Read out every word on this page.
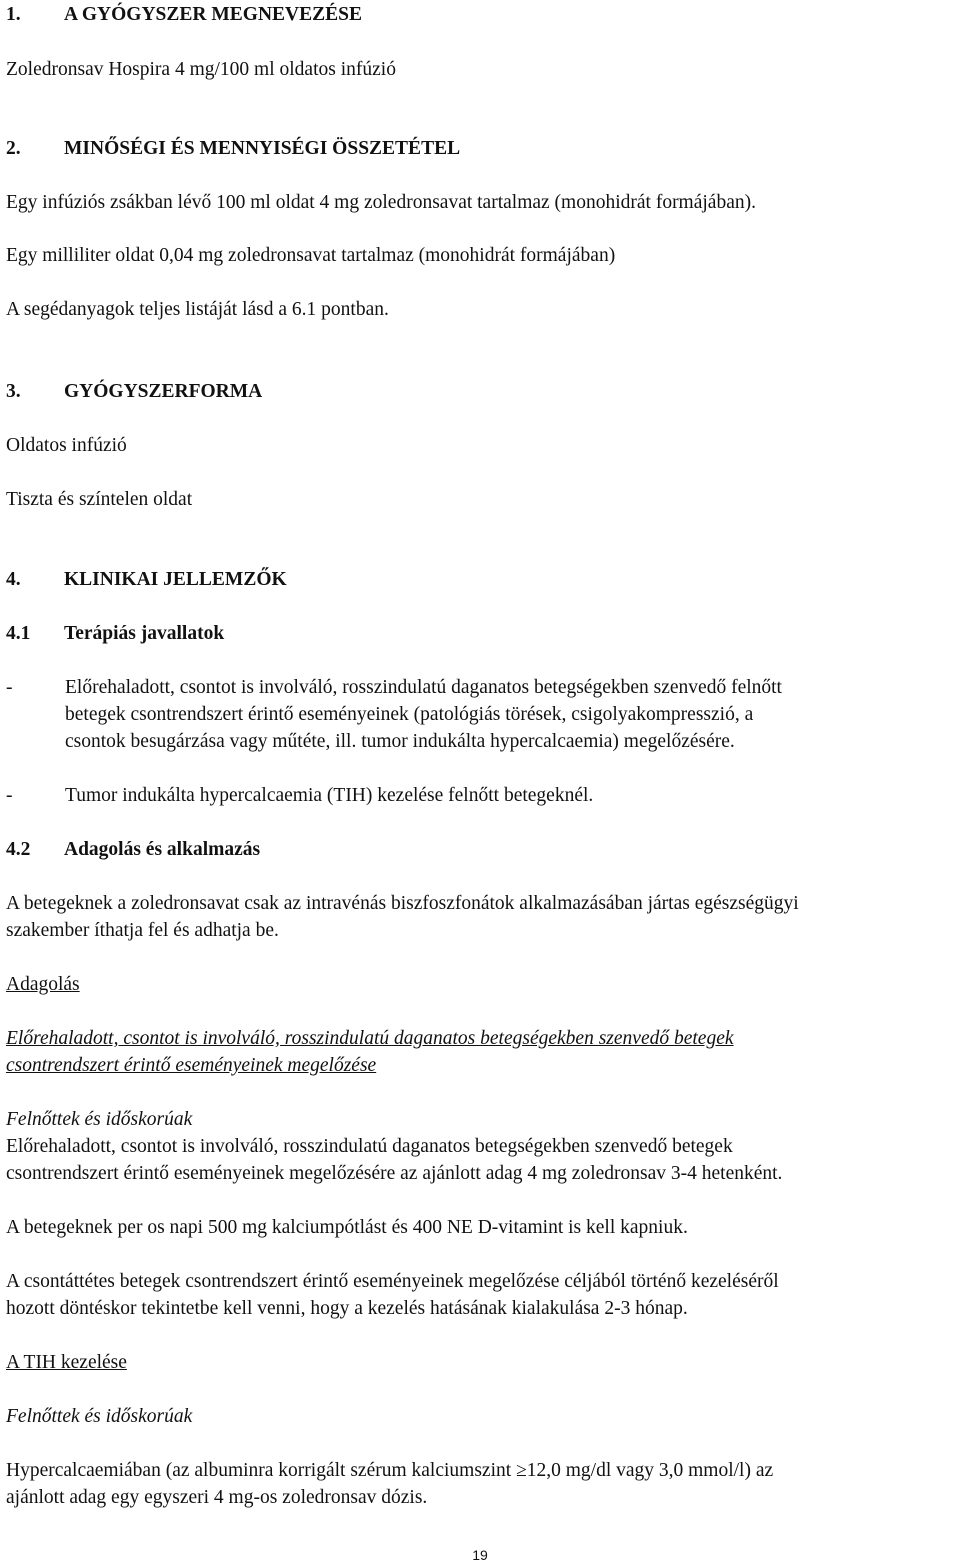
1. A GYÓGYSZER MEGNEVEZÉSE
Zoledronsav Hospira 4 mg/100 ml oldatos infúzió
2. MINŐSÉGI ÉS MENNYISÉGI ÖSSZETÉTEL
Egy infúziós zsákban lévő 100 ml oldat 4 mg zoledronsavat tartalmaz (monohidrát formájában).
Egy milliliter oldat 0,04 mg zoledronsavat tartalmaz (monohidrát formájában)
A segédanyagok teljes listáját lásd a 6.1 pontban.
3. GYÓGYSZERFORMA
Oldatos infúzió
Tiszta és színtelen oldat
4. KLINIKAI JELLEMZŐK
4.1 Terápiás javallatok
-	Előrehaladott, csontot is involváló, rosszindulatú daganatos betegségekben szenvedő felnőtt
betegek csontrendszert érintő eseményeinek (patológiás törések, csigolyakompresszió, a
csontok besugárzása vagy műtéte, ill. tumor indukálta hypercalcaemia) megelőzésére.
-	Tumor indukálta hypercalcaemia (TIH) kezelése felnőtt betegeknél.
4.2 Adagolás és alkalmazás
A betegeknek a zoledronsavat csak az intravénás biszfoszfonátok alkalmazásában jártas egészségügyi
szakember íthatja fel és adhatja be.
Adagolás
Előrehaladott, csontot is involváló, rosszindulatú daganatos betegségekben szenvedő betegek
csontrendszert érintő eseményeinek megelőzése
Felnőttek és időskorúak
Előrehaladott, csontot is involváló, rosszindulatú daganatos betegségekben szenvedő betegek
csontrendszert érintő eseményeinek megelőzésére az ajánlott adag 4 mg zoledronsav 3-4 hetenként.
A betegeknek per os napi 500 mg kalciumpótlást és 400 NE D-vitamint is kell kapniuk.
A csontáttétes betegek csontrendszert érintő eseményeinek megelőzése céljából történő kezeléséről
hozott döntéskor tekintetbe kell venni, hogy a kezelés hatásának kialakulása 2-3 hónap.
A TIH kezelése
Felnőttek és időskorúak
Hypercalcaemiában (az albuminra korrigált szérum kalciumszint ≥12,0 mg/dl vagy 3,0 mmol/l) az
ajánlott adag egy egyszeri 4 mg-os zoledronsav dózis.
19
